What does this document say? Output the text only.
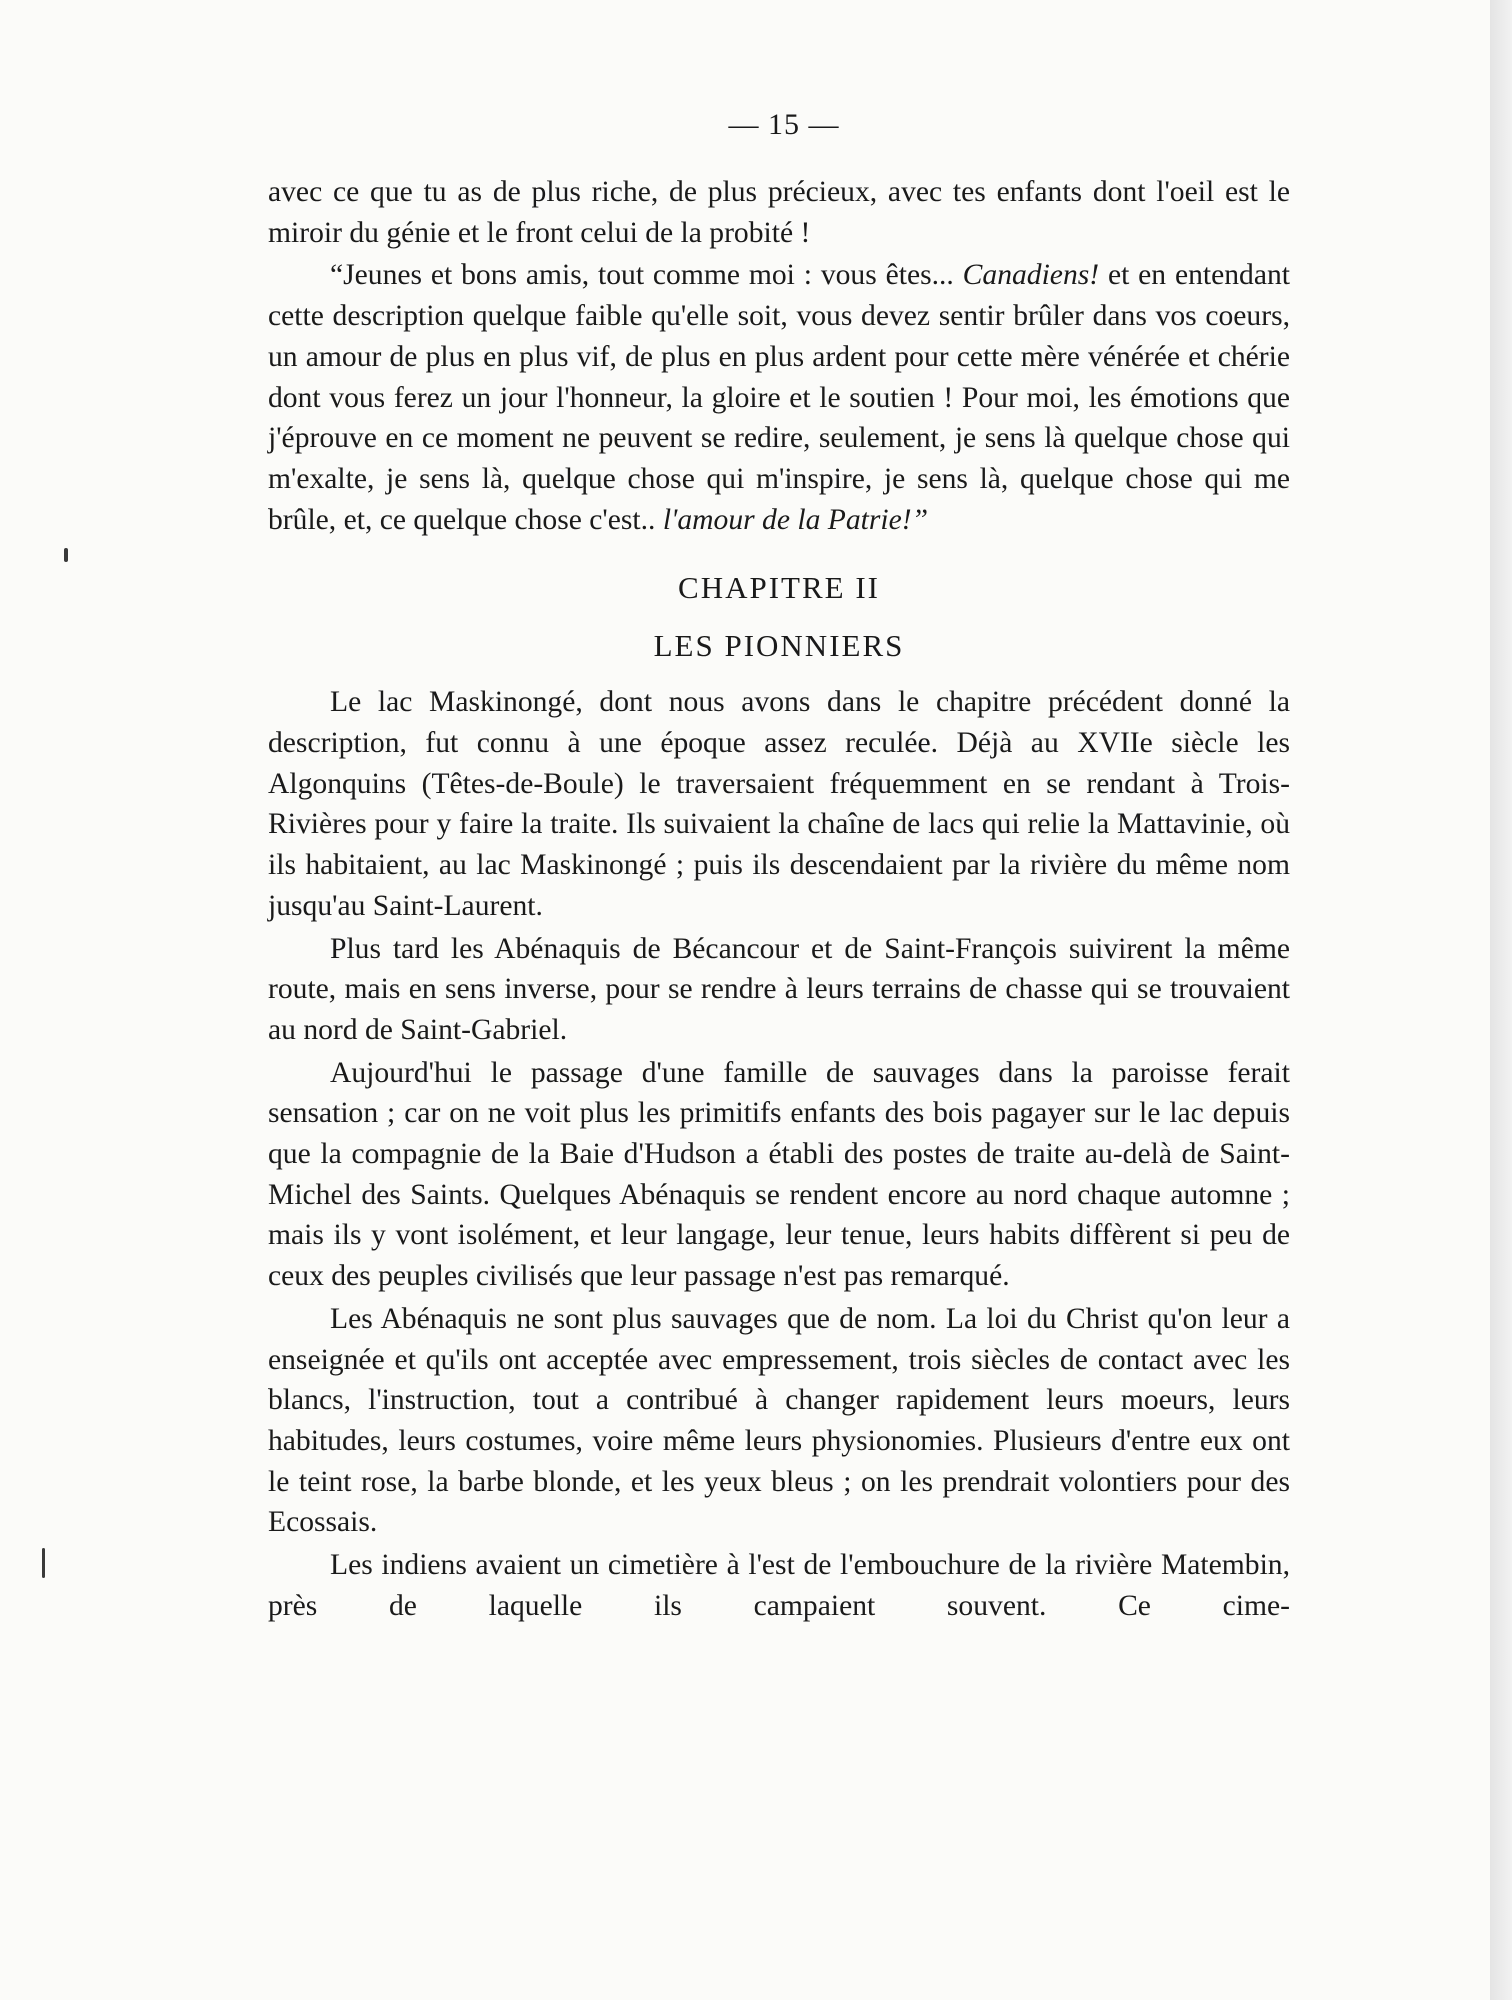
— 15 —

avec ce que tu as de plus riche, de plus précieux, avec tes enfants dont l'oeil est le miroir du génie et le front celui de la probité !

“Jeunes et bons amis, tout comme moi : vous êtes... Canadiens! et en entendant cette description quelque faible qu'elle soit, vous devez sentir brûler dans vos coeurs, un amour de plus en plus vif, de plus en plus ardent pour cette mère vénérée et chérie dont vous ferez un jour l'honneur, la gloire et le soutien ! Pour moi, les émotions que j'éprouve en ce moment ne peuvent se redire, seulement, je sens là quelque chose qui m'exalte, je sens là, quelque chose qui m'inspire, je sens là, quelque chose qui me brûle, et, ce quelque chose c'est.. l'amour de la Patrie!”

CHAPITRE II
LES PIONNIERS

Le lac Maskinongé, dont nous avons dans le chapitre précédent donné la description, fut connu à une époque assez reculée. Déjà au XVIIe siècle les Algonquins (Têtes-de-Boule) le traversaient fréquemment en se rendant à Trois-Rivières pour y faire la traite. Ils suivaient la chaîne de lacs qui relie la Mattavinie, où ils habitaient, au lac Maskinongé ; puis ils descendaient par la rivière du même nom jusqu'au Saint-Laurent.

Plus tard les Abénaquis de Bécancour et de Saint-François suivirent la même route, mais en sens inverse, pour se rendre à leurs terrains de chasse qui se trouvaient au nord de Saint-Gabriel.

Aujourd'hui le passage d'une famille de sauvages dans la paroisse ferait sensation ; car on ne voit plus les primitifs enfants des bois pagayer sur le lac depuis que la compagnie de la Baie d'Hudson a établi des postes de traite au-delà de Saint-Michel des Saints. Quelques Abénaquis se rendent encore au nord chaque automne ; mais ils y vont isolément, et leur langage, leur tenue, leurs habits diffèrent si peu de ceux des peuples civilisés que leur passage n'est pas remarqué.

Les Abénaquis ne sont plus sauvages que de nom. La loi du Christ qu'on leur a enseignée et qu'ils ont acceptée avec empressement, trois siècles de contact avec les blancs, l'instruction, tout a contribué à changer rapidement leurs moeurs, leurs habitudes, leurs costumes, voire même leurs physionomies. Plusieurs d'entre eux ont le teint rose, la barbe blonde, et les yeux bleus ; on les prendrait volontiers pour des Ecossais.

Les indiens avaient un cimetière à l'est de l'embouchure de la rivière Matembin, près de laquelle ils campaient souvent. Ce cime-
